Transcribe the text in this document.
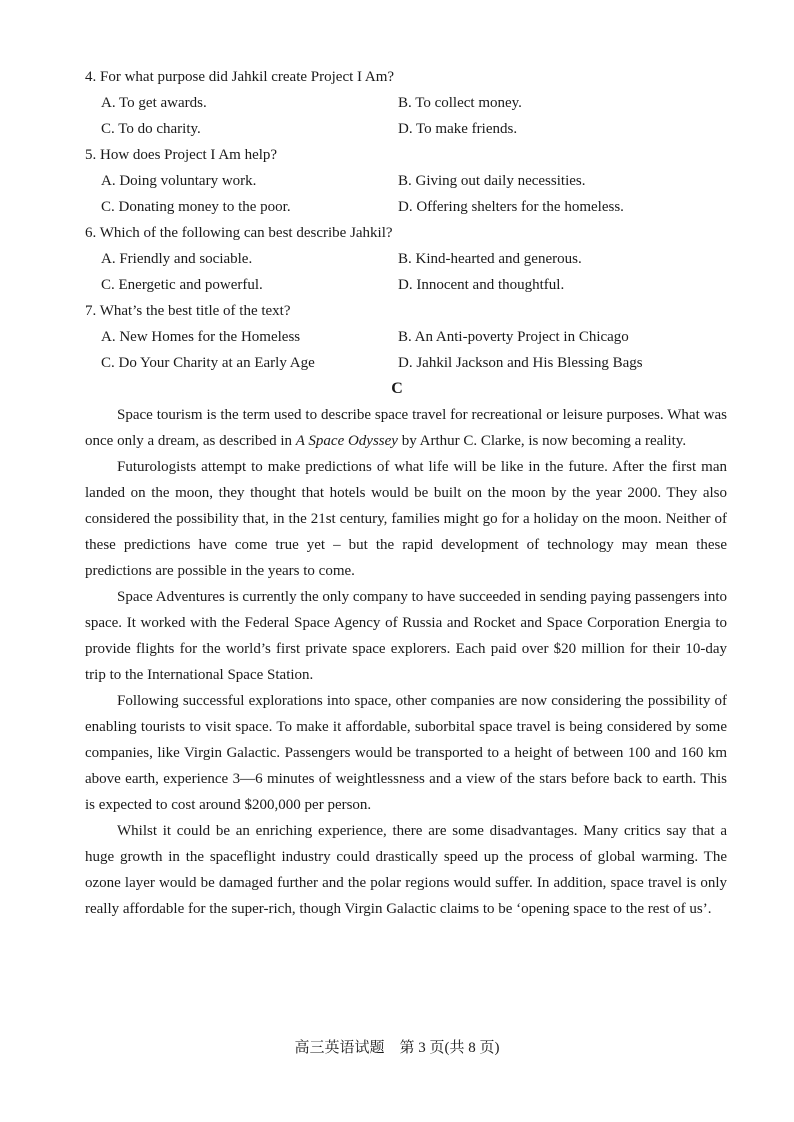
4. For what purpose did Jahkil create Project I Am?
A. To get awards.	B. To collect money.
C. To do charity.	D. To make friends.
5. How does Project I Am help?
A. Doing voluntary work.	B. Giving out daily necessities.
C. Donating money to the poor.	D. Offering shelters for the homeless.
6. Which of the following can best describe Jahkil?
A. Friendly and sociable.	B. Kind-hearted and generous.
C. Energetic and powerful.	D. Innocent and thoughtful.
7. What’s the best title of the text?
A. New Homes for the Homeless	B. An Anti-poverty Project in Chicago
C. Do Your Charity at an Early Age	D. Jahkil Jackson and His Blessing Bags
C

Space tourism is the term used to describe space travel for recreational or leisure purposes. What was once only a dream, as described in A Space Odyssey by Arthur C. Clarke, is now becoming a reality.

Futurologists attempt to make predictions of what life will be like in the future. After the first man landed on the moon, they thought that hotels would be built on the moon by the year 2000. They also considered the possibility that, in the 21st century, families might go for a holiday on the moon. Neither of these predictions have come true yet – but the rapid development of technology may mean these predictions are possible in the years to come.

Space Adventures is currently the only company to have succeeded in sending paying passengers into space. It worked with the Federal Space Agency of Russia and Rocket and Space Corporation Energia to provide flights for the world’s first private space explorers. Each paid over $20 million for their 10-day trip to the International Space Station.

Following successful explorations into space, other companies are now considering the possibility of enabling tourists to visit space. To make it affordable, suborbital space travel is being considered by some companies, like Virgin Galactic. Passengers would be transported to a height of between 100 and 160 km above earth, experience 3—6 minutes of weightlessness and a view of the stars before back to earth. This is expected to cost around $200,000 per person.

Whilst it could be an enriching experience, there are some disadvantages. Many critics say that a huge growth in the spaceflight industry could drastically speed up the process of global warming. The ozone layer would be damaged further and the polar regions would suffer. In addition, space travel is only really affordable for the super-rich, though Virgin Galactic claims to be ‘opening space to the rest of us’.

高三英语试题　第 3 页(共 8 页)
